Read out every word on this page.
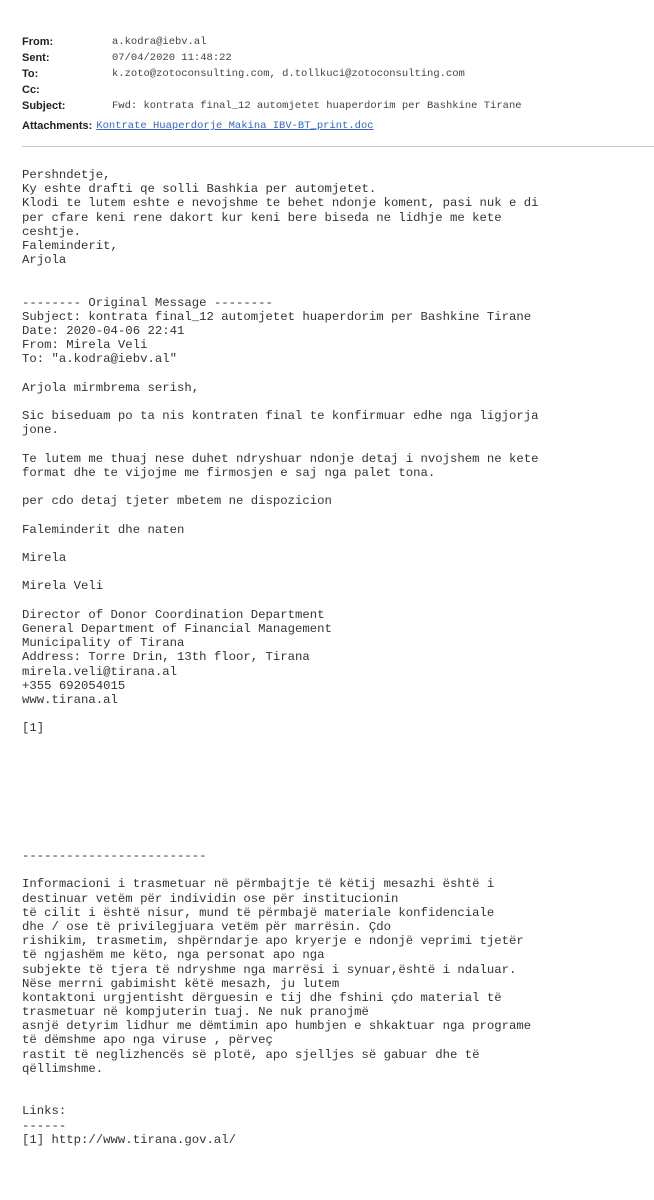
From:	a.kodra@iebv.al
Sent:	07/04/2020 11:48:22
To:	k.zoto@zotoconsulting.com, d.tollkuci@zotoconsulting.com
Cc:
Subject:	Fwd: kontrata final_12 automjetet huaperdorim per Bashkine Tirane
Attachments: Kontrate Huaperdorje Makina IBV-BT_print.doc
Pershndetje,
Ky eshte drafti qe solli Bashkia per automjetet.
Klodi te lutem eshte e nevojshme te behet ndonje koment, pasi nuk e di
per cfare keni rene dakort kur keni bere biseda ne lidhje me kete
ceshtje.
Faleminderit,
Arjola
-------- Original Message --------
Subject: kontrata final_12 automjetet huaperdorim per Bashkine Tirane
Date: 2020-04-06 22:41
From: Mirela Veli
To: "a.kodra@iebv.al"
Arjola mirmbrema serish,
Sic biseduam po ta nis kontraten final te konfirmuar edhe nga ligjorja
jone.
Te lutem me thuaj nese duhet ndryshuar ndonje detaj i nvojshem ne kete
format dhe te vijojme me firmosjen e saj nga palet tona.
per cdo detaj tjeter mbetem ne dispozicion
Faleminderit dhe naten
Mirela
Mirela Veli
Director of Donor Coordination Department
General Department of Financial Management
Municipality of Tirana
Address: Torre Drin, 13th floor, Tirana
mirela.veli@tirana.al
+355 692054015
www.tirana.al
[1]
-------------------------
Informacioni i trasmetuar në përmbajtje të këtij mesazhi është i
destinuar vetëm për individin ose për institucionin
të cilit i është nisur, mund të përmbajë materiale konfidenciale
dhe / ose të privilegjuara vetëm për marrësin. Çdo
rishikim, trasmetim, shpërndarje apo kryerje e ndonjë veprimi tjetër
të ngjashëm me këto, nga personat apo nga
subjekte të tjera të ndryshme nga marrësi i synuar,është i ndaluar.
Nëse merrni gabimisht këtë mesazh, ju lutem
kontaktoni urgjentisht dërguesin e tij dhe fshini çdo material të
trasmetuar në kompjuterin tuaj. Ne nuk pranojmë
asnjë detyrim lidhur me dëmtimin apo humbjen e shkaktuar nga programe
të dëmshme apo nga viruse , përveç
rastit të neglizhencës së plotë, apo sjelljes së gabuar dhe të
qëllimshme.
Links:
------
[1] http://www.tirana.gov.al/
